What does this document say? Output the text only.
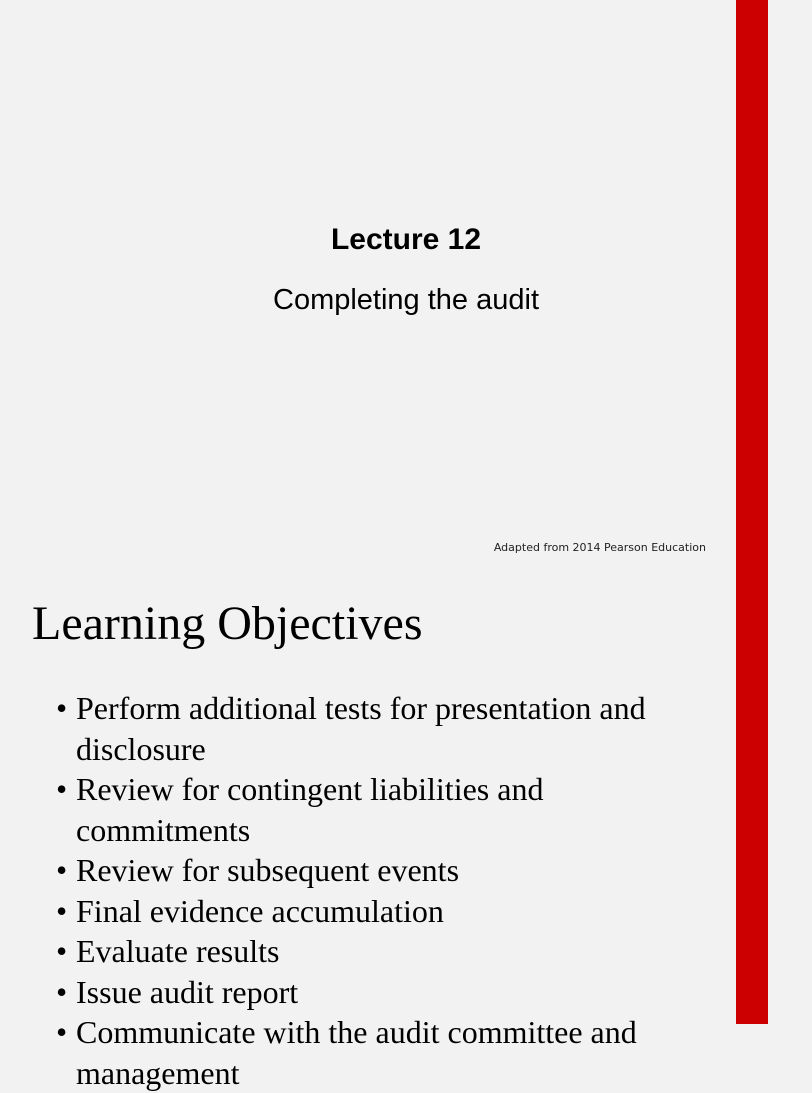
Lecture 12
Completing the audit
Adapted from 2014 Pearson Education
Learning Objectives
• Perform additional tests for presentation and disclosure
• Review for contingent liabilities and commitments
• Review for subsequent events
• Final evidence accumulation
• Evaluate results
• Issue audit report
• Communicate with the audit committee and management
